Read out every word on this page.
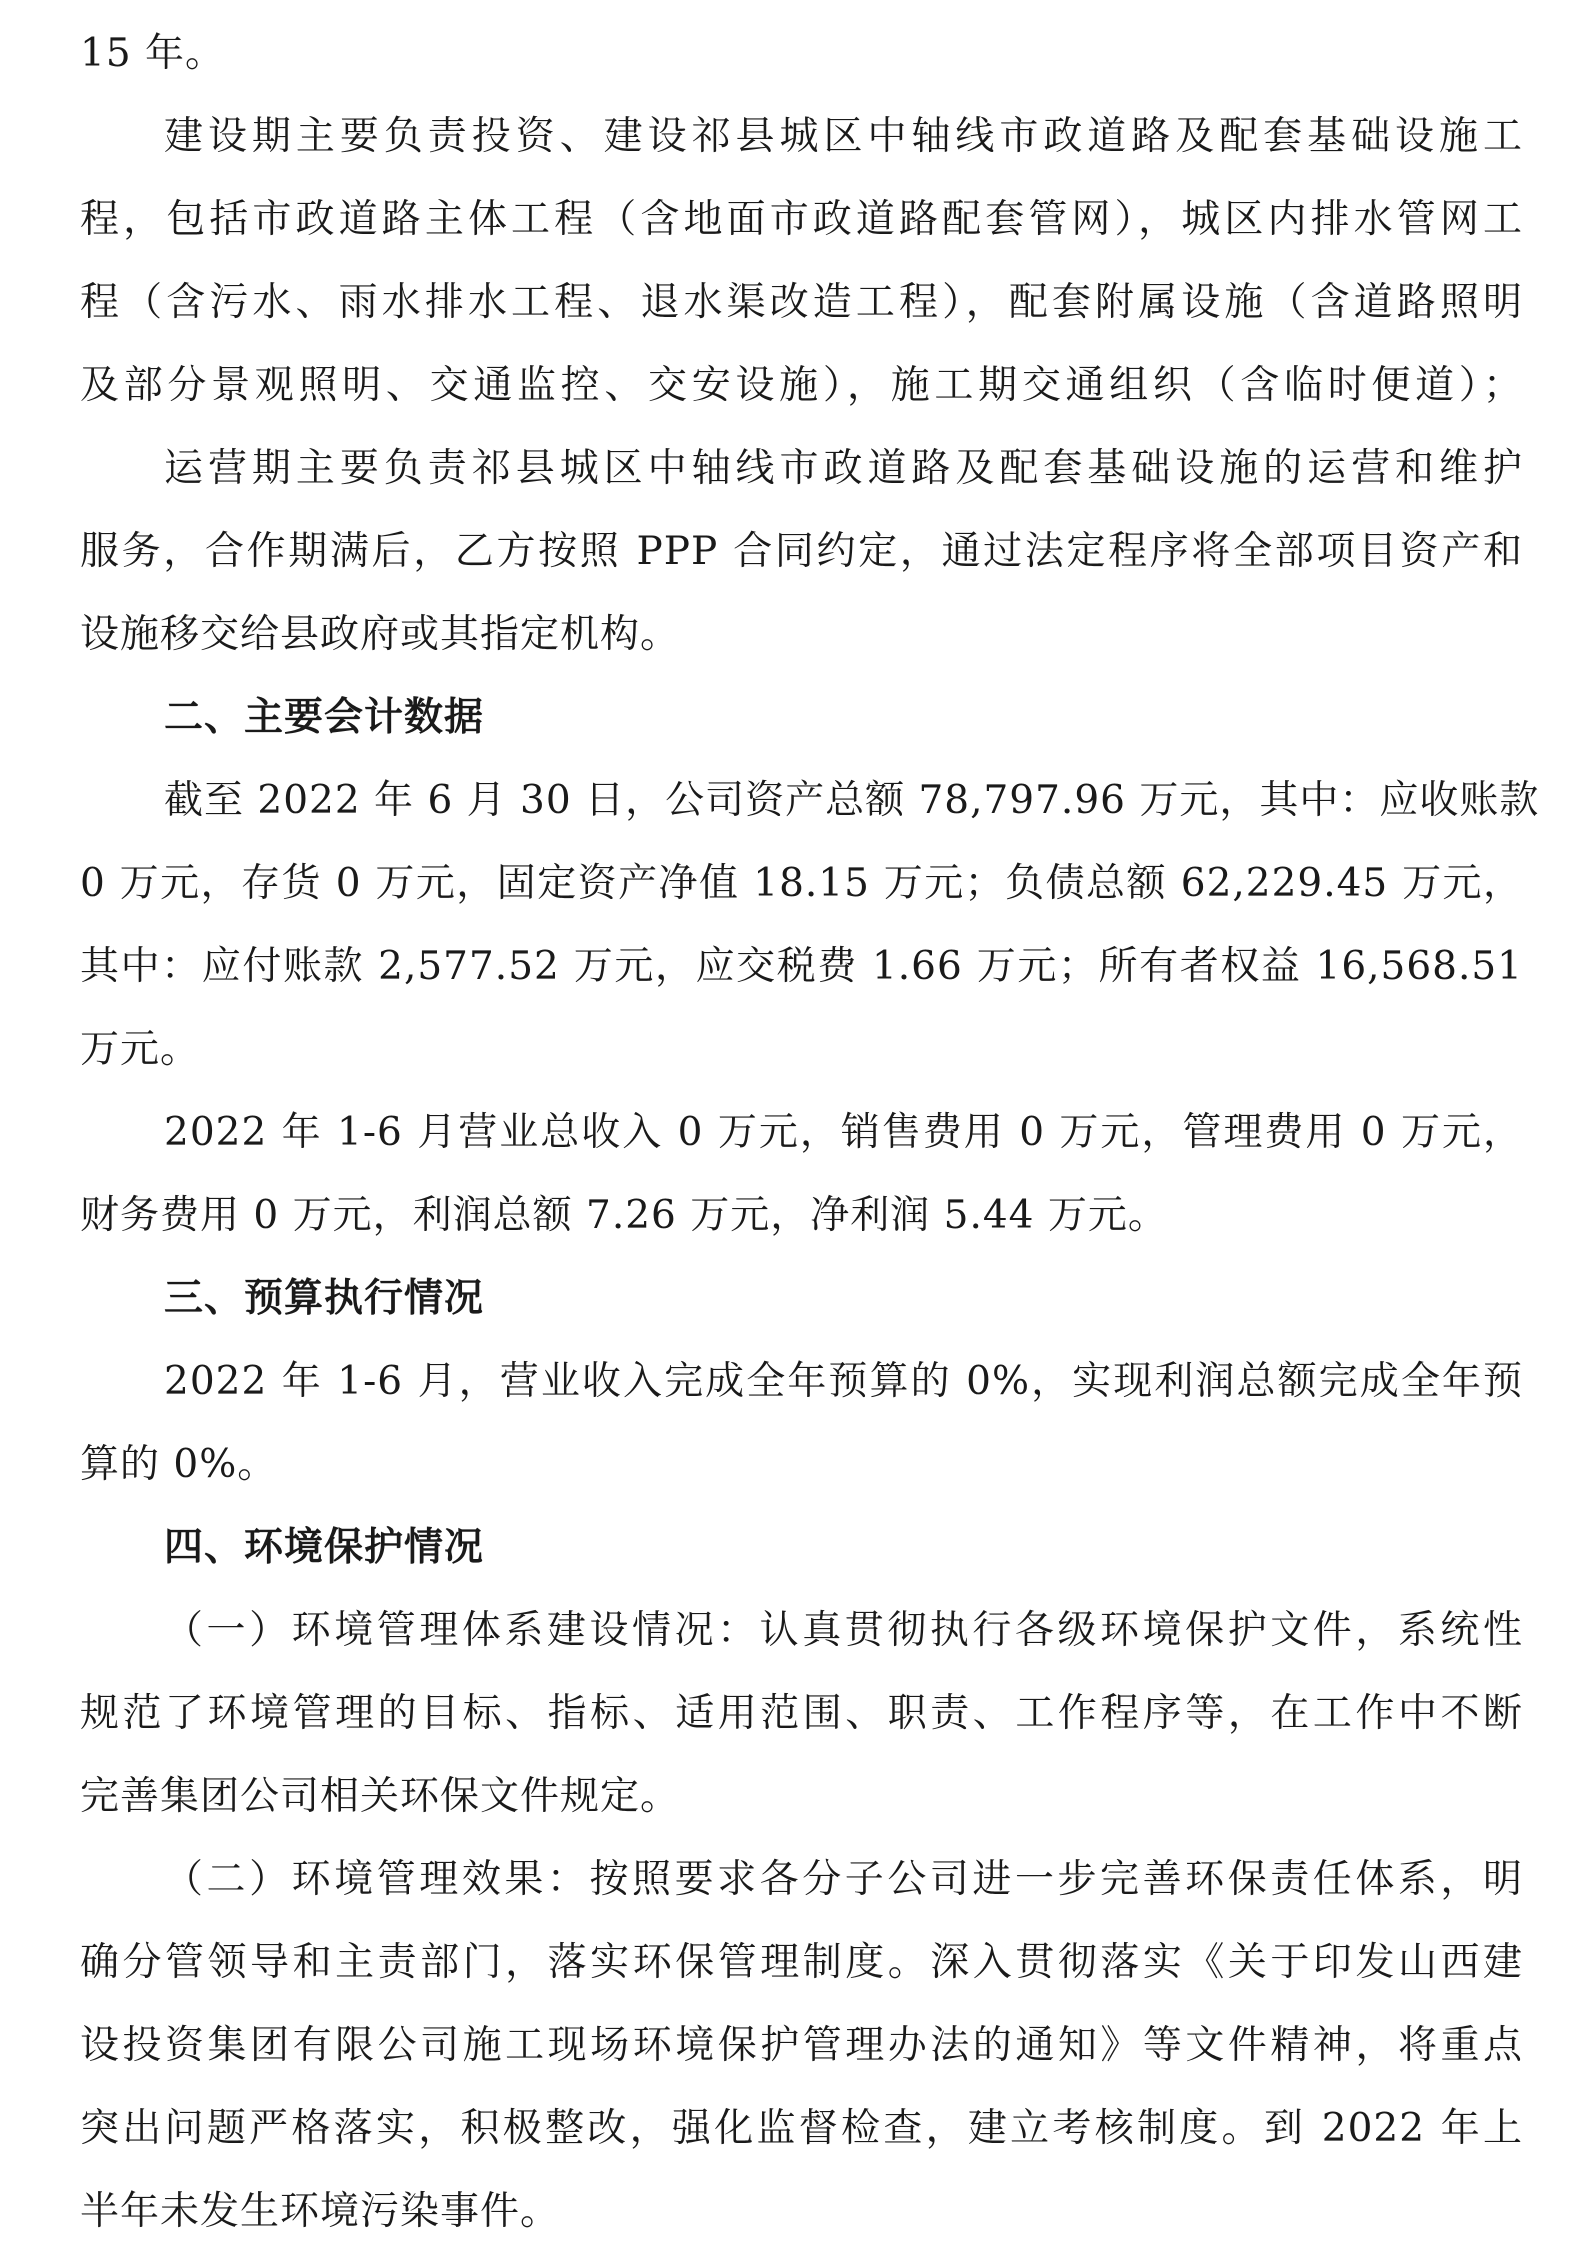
15 年。
建设期主要负责投资、建设祁县城区中轴线市政道路及配套基础设施工
程，包括市政道路主体工程（含地面市政道路配套管网），城区内排水管网工
程（含污水、雨水排水工程、退水渠改造工程），配套附属设施（含道路照明
及部分景观照明、交通监控、交安设施），施工期交通组织（含临时便道）；
运营期主要负责祁县城区中轴线市政道路及配套基础设施的运营和维护
服务，合作期满后，乙方按照 PPP 合同约定，通过法定程序将全部项目资产和
设施移交给县政府或其指定机构。
二、主要会计数据
截至 2022 年 6 月 30 日，公司资产总额 78,797.96 万元，其中：应收账款
0 万元，存货 0 万元，固定资产净值 18.15 万元；负债总额 62,229.45 万元，
其中：应付账款 2,577.52 万元，应交税费 1.66 万元；所有者权益 16,568.51
万元。
2022 年 1-6 月营业总收入 0 万元，销售费用 0 万元，管理费用 0 万元，
财务费用 0 万元，利润总额 7.26 万元，净利润 5.44 万元。
三、预算执行情况
2022 年 1-6 月，营业收入完成全年预算的 0%，实现利润总额完成全年预
算的 0%。
四、环境保护情况
（一）环境管理体系建设情况：认真贯彻执行各级环境保护文件，系统性
规范了环境管理的目标、指标、适用范围、职责、工作程序等，在工作中不断
完善集团公司相关环保文件规定。
（二）环境管理效果：按照要求各分子公司进一步完善环保责任体系，明
确分管领导和主责部门，落实环保管理制度。深入贯彻落实《关于印发山西建
设投资集团有限公司施工现场环境保护管理办法的通知》等文件精神，将重点
突出问题严格落实，积极整改，强化监督检查，建立考核制度。到 2022 年上
半年未发生环境污染事件。
